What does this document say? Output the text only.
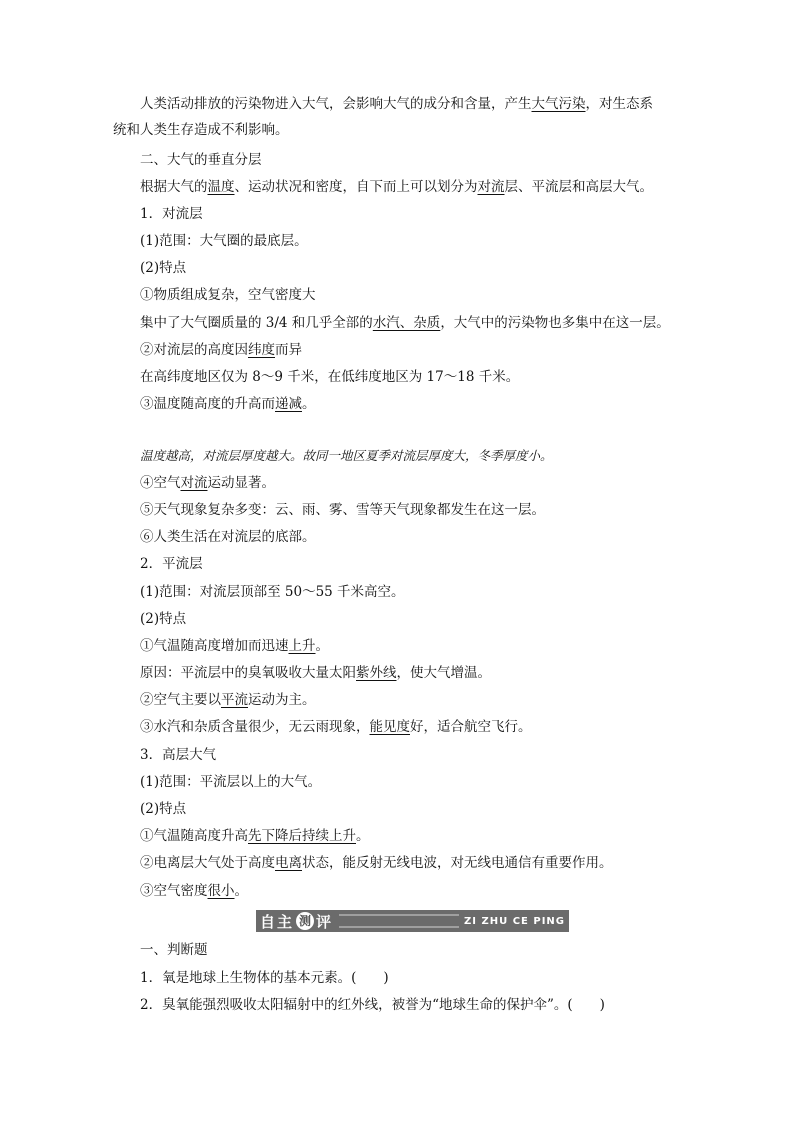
人类活动排放的污染物进入大气，会影响大气的成分和含量，产生大气污染，对生态系
统和人类生存造成不利影响。
二、大气的垂直分层
根据大气的温度、运动状况和密度，自下而上可以划分为对流层、平流层和高层大气。
1．对流层
(1)范围：大气圈的最底层。
(2)特点
①物质组成复杂，空气密度大
集中了大气圈质量的 3/4 和几乎全部的水汽、杂质，大气中的污染物也多集中在这一层。
②对流层的高度因纬度而异
在高纬度地区仅为 8～9 千米，在低纬度地区为 17～18 千米。
③温度随高度的升高而递减。
温度越高，对流层厚度越大。故同一地区夏季对流层厚度大，冬季厚度小。
④空气对流运动显著。
⑤天气现象复杂多变：云、雨、雾、雪等天气现象都发生在这一层。
⑥人类生活在对流层的底部。
2．平流层
(1)范围：对流层顶部至 50～55 千米高空。
(2)特点
①气温随高度增加而迅速上升。
原因：平流层中的臭氧吸收大量太阳紫外线，使大气增温。
②空气主要以平流运动为主。
③水汽和杂质含量很少，无云雨现象，能见度好，适合航空飞行。
3．高层大气
(1)范围：平流层以上的大气。
(2)特点
①气温随高度升高先下降后持续上升。
②电离层大气处于高度电离状态，能反射无线电波，对无线电通信有重要作用。
③空气密度很小。
自 主 测 评	ZI ZHU CE PING
一、判断题
1．氧是地球上生物体的基本元素。(　　)
2．臭氧能强烈吸收太阳辐射中的红外线，被誉为“地球生命的保护伞”。(　　)
